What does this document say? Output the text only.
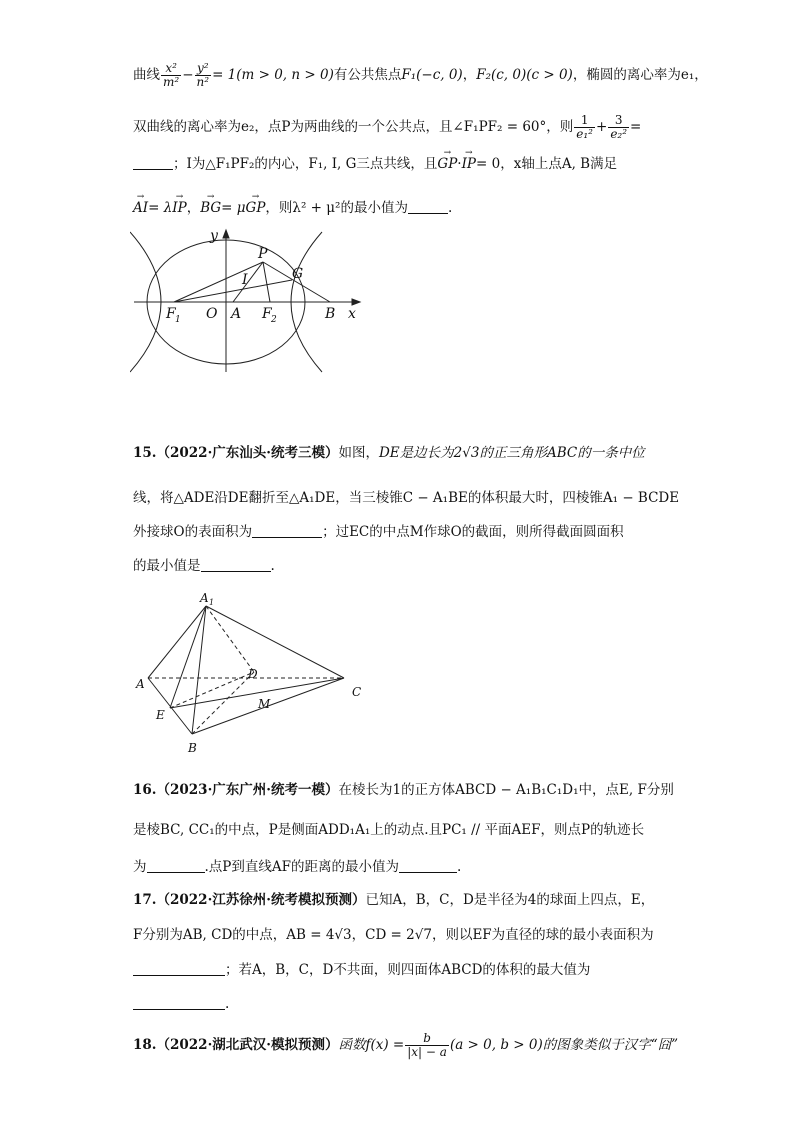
曲线 $\frac{\text{x²}}{\text{m²}} - \frac{\text{y²}}{\text{n²}} = 1(m > 0$, n > 0)有公共焦点F₁(−c, 0)，F₂(c, 0)(c > 0)，椭圆的离心率为e₁，
双曲线的离心率为e₂，点P为两曲线的一个公共点，且∠F₁PF₂ = 60°，则 $\frac{1}{\text{e₁²}} + \frac{3}{\text{e₂²}}$ =
；I为△F₁PF₂的内心，F₁, I, G三点共线，且→ GP·→ IP= 0，x轴上点A, B满足
→ AI= λ→ IP，→ BG= μ→ GP，则λ² + μ²的最小值为	.
y
x
P
G
I
F 1 O A F 2	B
15.（2022·广东汕头·统考三模）如图，DE是边长为2√3的正三角形ABC的一条中位
线，将△ADE沿DE翻折至△A₁DE，当三棱锥C − A₁BE的体积最大时，四棱锥A₁ − BCDE
外接球O的表面积为	；过EC的中点M作球O的截面，则所得截面圆面积
的最小值是	.
A 1
A
D
C
E
M
B
16.（2023·广东广州·统考一模）在棱长为1的正方体ABCD − A₁B₁C₁D₁中，点E, F分别
是棱BC, CC₁的中点，P是侧面ADD₁A₁上的动点.且PC₁ // 平面AEF，则点P的轨迹长
为	.点P到直线AF的距离的最小值为	.
17.（2022·江苏徐州·统考模拟预测）已知A，B，C，D是半径为4的球面上四点，E，
F分别为AB, CD的中点，AB = 4√3，CD = 2√7，则以EF为直径的球的最小表面积为
；若A，B，C，D不共面，则四面体ABCD的体积的最大值为
.
18.（2022·湖北武汉·模拟预测）函数$f(x) = \frac{b}{|x| - a} (a > 0$, b > 0)的图象类似于汉字“囧”
